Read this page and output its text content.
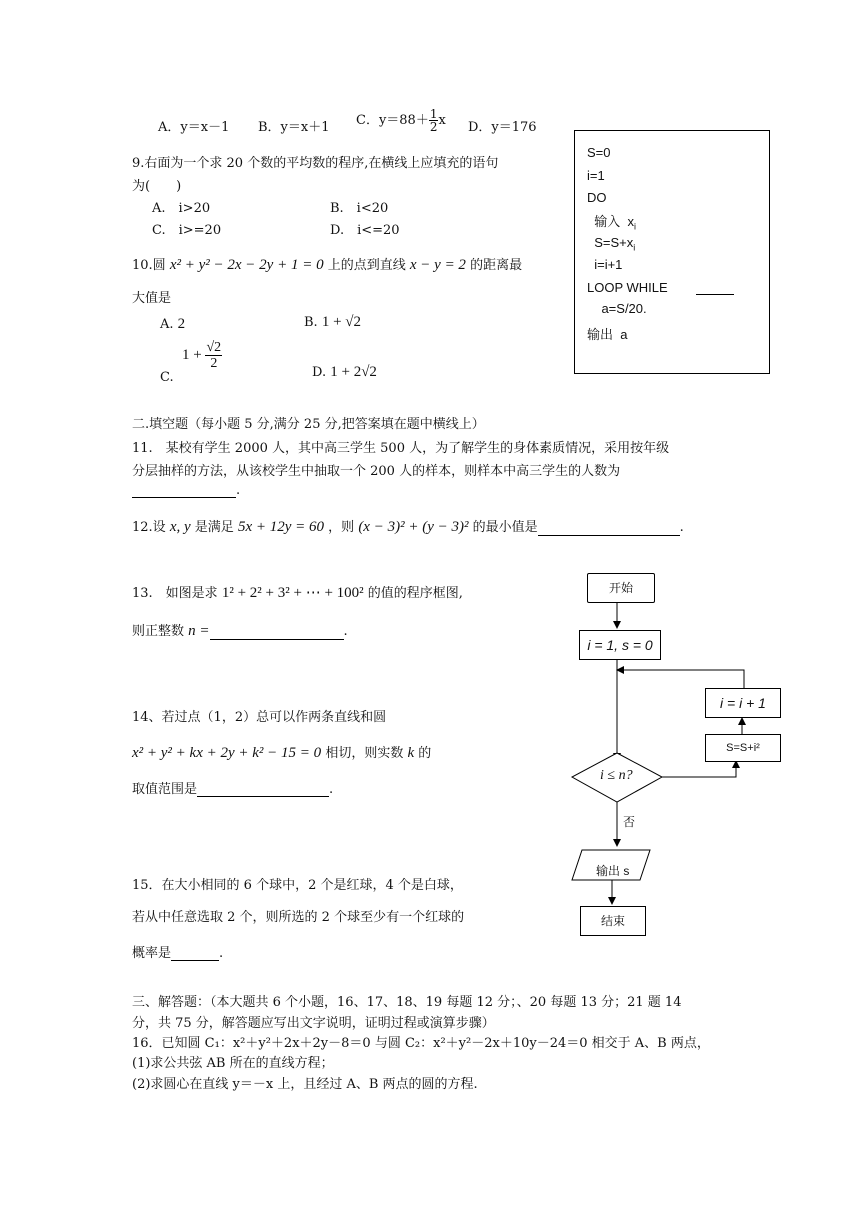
A．y＝x－1 B．y＝x＋1 C．$y=88+ \frac{1}{2}$ x D．y＝176
S=0
i=1
DO
输入  $x_i$
$S=S+x_i$
i=i+1
LOOP WHILE
a=S/20.
输出  a
9.右面为一个求 20 个数的平均数的程序,在横线上应填充的语句
为(　　)
A.　i>20	B.　i<20
C.　i>=20	D.　i<=20
10.圆 x² + y² − 2x − 2y + 1 = 0 上的点到直线 x − y = 2 的距离最
大值是
A. 2	B. 1 + √2
$1 + \frac{√2}{2}$
C.	D. 1 + 2√2
二.填空题（每小题 5 分,满分 25 分,把答案填在题中横线上）
11.　某校有学生 2000 人，其中高三学生 500 人，为了解学生的身体素质情况，采用按年级
分层抽样的方法，从该校学生中抽取一个 200 人的样本，则样本中高三学生的人数为
.
12.设 x, y 是满足 5x + 12y = 60 ，则 (x − 3)² + (y − 3)² 的最小值是	.
13.　如图是求 1² + 2² + 3² + ⋯ + 100² 的值的程序框图,
则正整数 n =	.
14、若过点（1，2）总可以作两条直线和圆
x² + y² + kx + 2y + k² − 15 = 0 相切，则实数 k 的
取值范围是	.
15．在大小相同的 6 个球中，2 个是红球，4 个是白球，
若从中任意选取 2 个，则所选的 2 个球至少有一个红球的
概率是	.
开始
i = 1, s = 0
i = i + 1
S=S+i²
i ≤ n?
否
输出 s
结束
三、解答题：（本大题共 6 个小题，16、17、18、19 每题 12 分；、20 每题 13 分；21 题 14
分，共 75 分，解答题应写出文字说明，证明过程或演算步骤）
16．已知圆 C₁：x²＋y²＋2x＋2y－8＝0 与圆 C₂：x²＋y²－2x＋10y－24＝0 相交于 A、B 两点，
(1)求公共弦 AB 所在的直线方程；
(2)求圆心在直线 y＝－x 上，且经过 A、B 两点的圆的方程.
